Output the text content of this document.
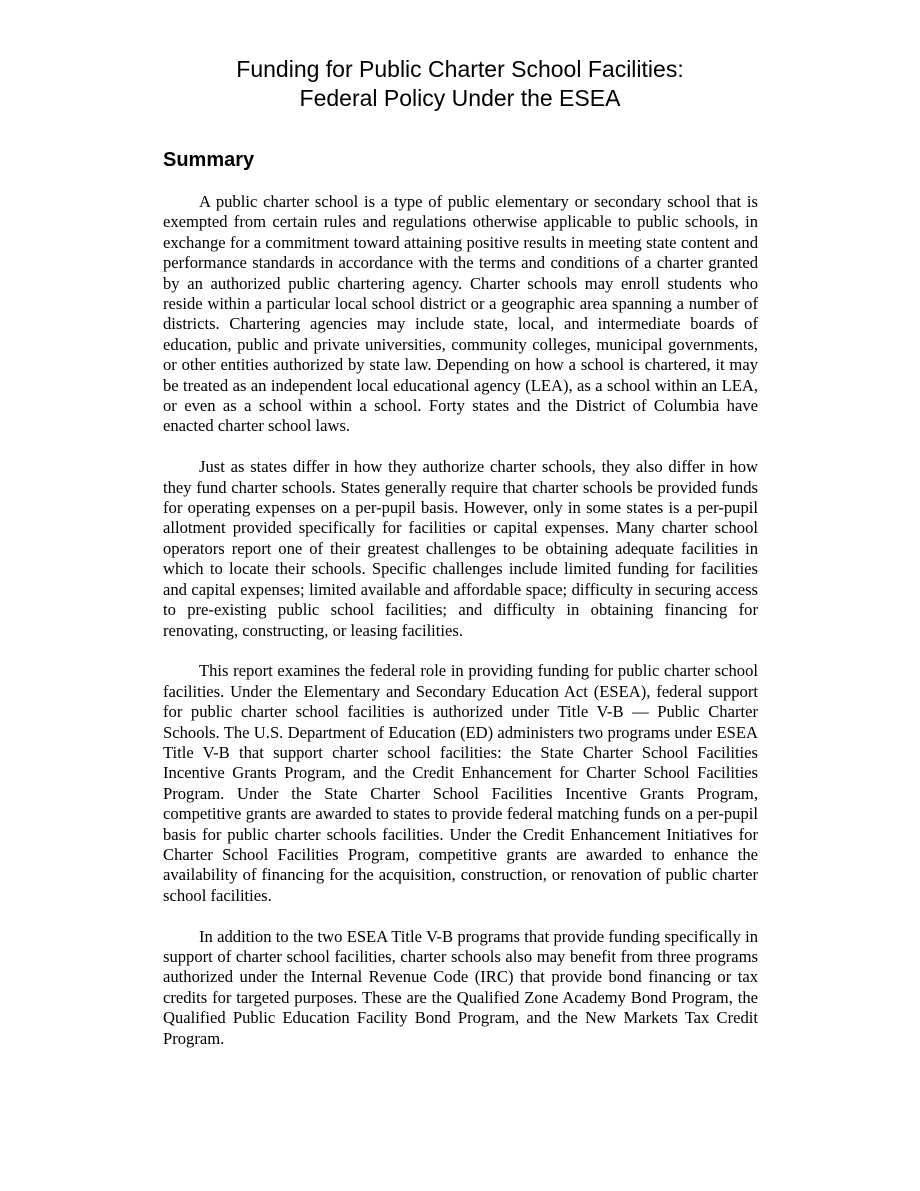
Funding for Public Charter School Facilities:
Federal Policy Under the ESEA
Summary

A public charter school is a type of public elementary or secondary school that is exempted from certain rules and regulations otherwise applicable to public schools, in exchange for a commitment toward attaining positive results in meeting state content and performance standards in accordance with the terms and conditions of a charter granted by an authorized public chartering agency. Charter schools may enroll students who reside within a particular local school district or a geographic area spanning a number of districts. Chartering agencies may include state, local, and intermediate boards of education, public and private universities, community colleges, municipal governments, or other entities authorized by state law. Depending on how a school is chartered, it may be treated as an independent local educational agency (LEA), as a school within an LEA, or even as a school within a school. Forty states and the District of Columbia have enacted charter school laws.

Just as states differ in how they authorize charter schools, they also differ in how they fund charter schools. States generally require that charter schools be provided funds for operating expenses on a per-pupil basis. However, only in some states is a per-pupil allotment provided specifically for facilities or capital expenses. Many charter school operators report one of their greatest challenges to be obtaining adequate facilities in which to locate their schools. Specific challenges include limited funding for facilities and capital expenses; limited available and affordable space; difficulty in securing access to pre-existing public school facilities; and difficulty in obtaining financing for renovating, constructing, or leasing facilities.

This report examines the federal role in providing funding for public charter school facilities. Under the Elementary and Secondary Education Act (ESEA), federal support for public charter school facilities is authorized under Title V-B — Public Charter Schools. The U.S. Department of Education (ED) administers two programs under ESEA Title V-B that support charter school facilities: the State Charter School Facilities Incentive Grants Program, and the Credit Enhancement for Charter School Facilities Program. Under the State Charter School Facilities Incentive Grants Program, competitive grants are awarded to states to provide federal matching funds on a per-pupil basis for public charter schools facilities. Under the Credit Enhancement Initiatives for Charter School Facilities Program, competitive grants are awarded to enhance the availability of financing for the acquisition, construction, or renovation of public charter school facilities.

In addition to the two ESEA Title V-B programs that provide funding specifically in support of charter school facilities, charter schools also may benefit from three programs authorized under the Internal Revenue Code (IRC) that provide bond financing or tax credits for targeted purposes. These are the Qualified Zone Academy Bond Program, the Qualified Public Education Facility Bond Program, and the New Markets Tax Credit Program.
